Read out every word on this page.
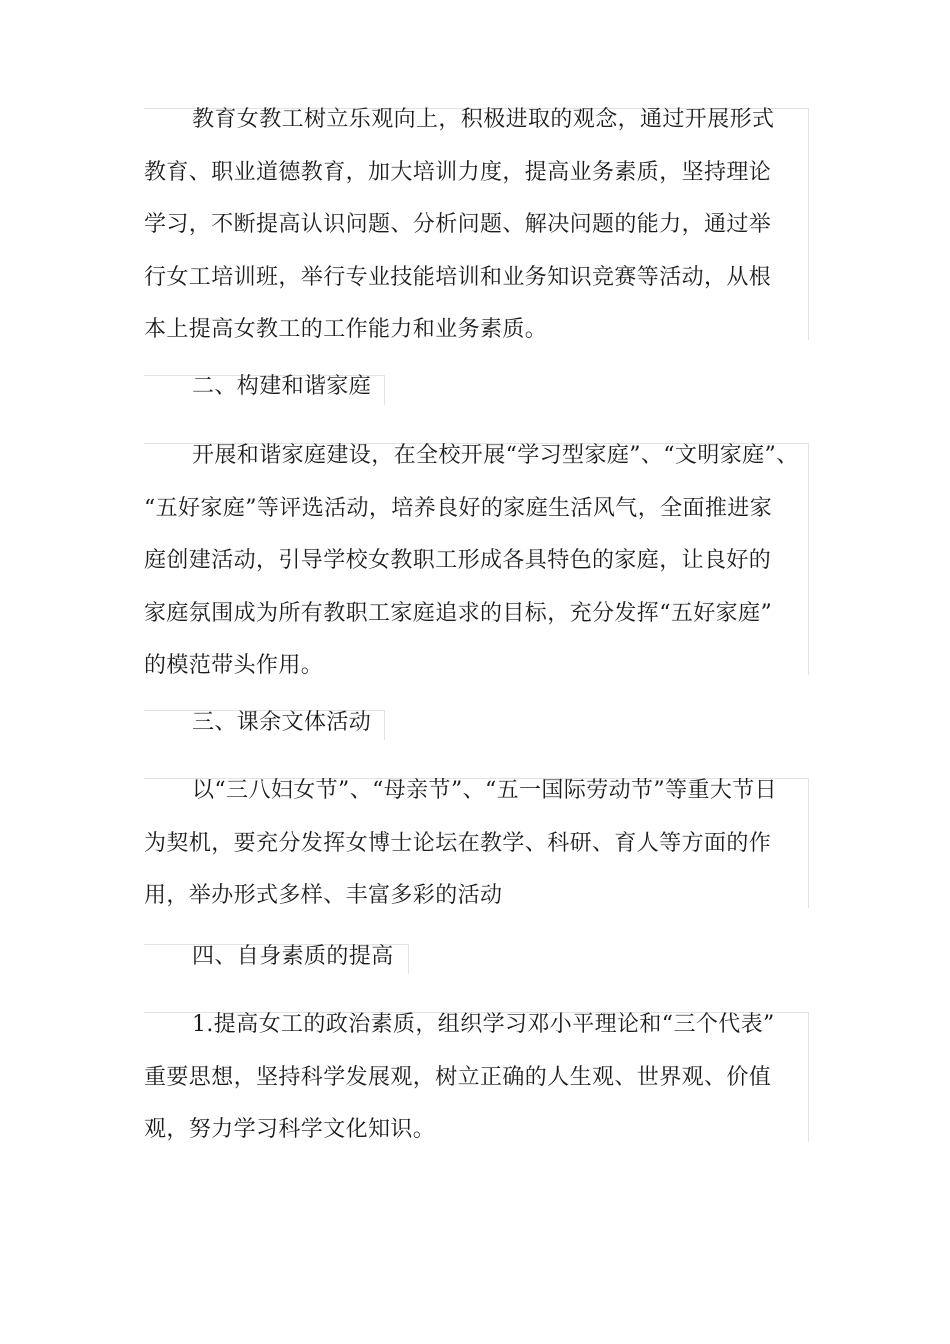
教育女教工树立乐观向上，积极进取的观念，通过开展形式
教育、职业道德教育，加大培训力度，提高业务素质，坚持理论
学习，不断提高认识问题、分析问题、解决问题的能力，通过举
行女工培训班，举行专业技能培训和业务知识竞赛等活动，从根
本上提高女教工的工作能力和业务素质。
二、构建和谐家庭
开展和谐家庭建设，在全校开展“学习型家庭”、“文明家庭”、
“五好家庭”等评选活动，培养良好的家庭生活风气，全面推进家
庭创建活动，引导学校女教职工形成各具特色的家庭，让良好的
家庭氛围成为所有教职工家庭追求的目标，充分发挥“五好家庭”
的模范带头作用。
三、课余文体活动
以“三八妇女节”、“母亲节”、“五一国际劳动节”等重大节日
为契机，要充分发挥女博士论坛在教学、科研、育人等方面的作
用，举办形式多样、丰富多彩的活动
四、自身素质的提高
1.提高女工的政治素质，组织学习邓小平理论和“三个代表”
重要思想，坚持科学发展观，树立正确的人生观、世界观、价值
观，努力学习科学文化知识。
